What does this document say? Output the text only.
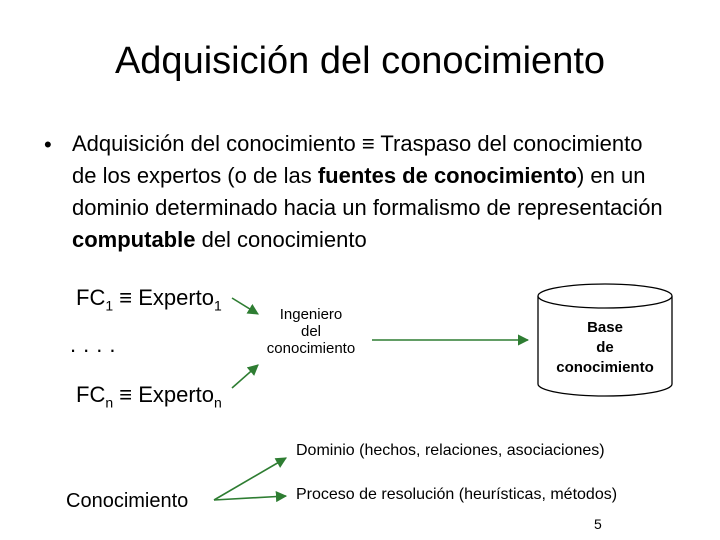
Adquisición del conocimiento
• Adquisición del conocimiento ≡ Traspaso del conocimiento de los expertos (o de las fuentes de conocimiento) en un dominio determinado hacia un formalismo de representación computable del conocimiento
$FC_1$ ≡ Experto$_1$
....
$FC_n$ ≡ Experto$_n$
Ingeniero
del
conocimiento
Base
de
conocimiento
Conocimiento
Dominio (hechos, relaciones, asociaciones)
Proceso de resolución (heurísticas, métodos)
5
